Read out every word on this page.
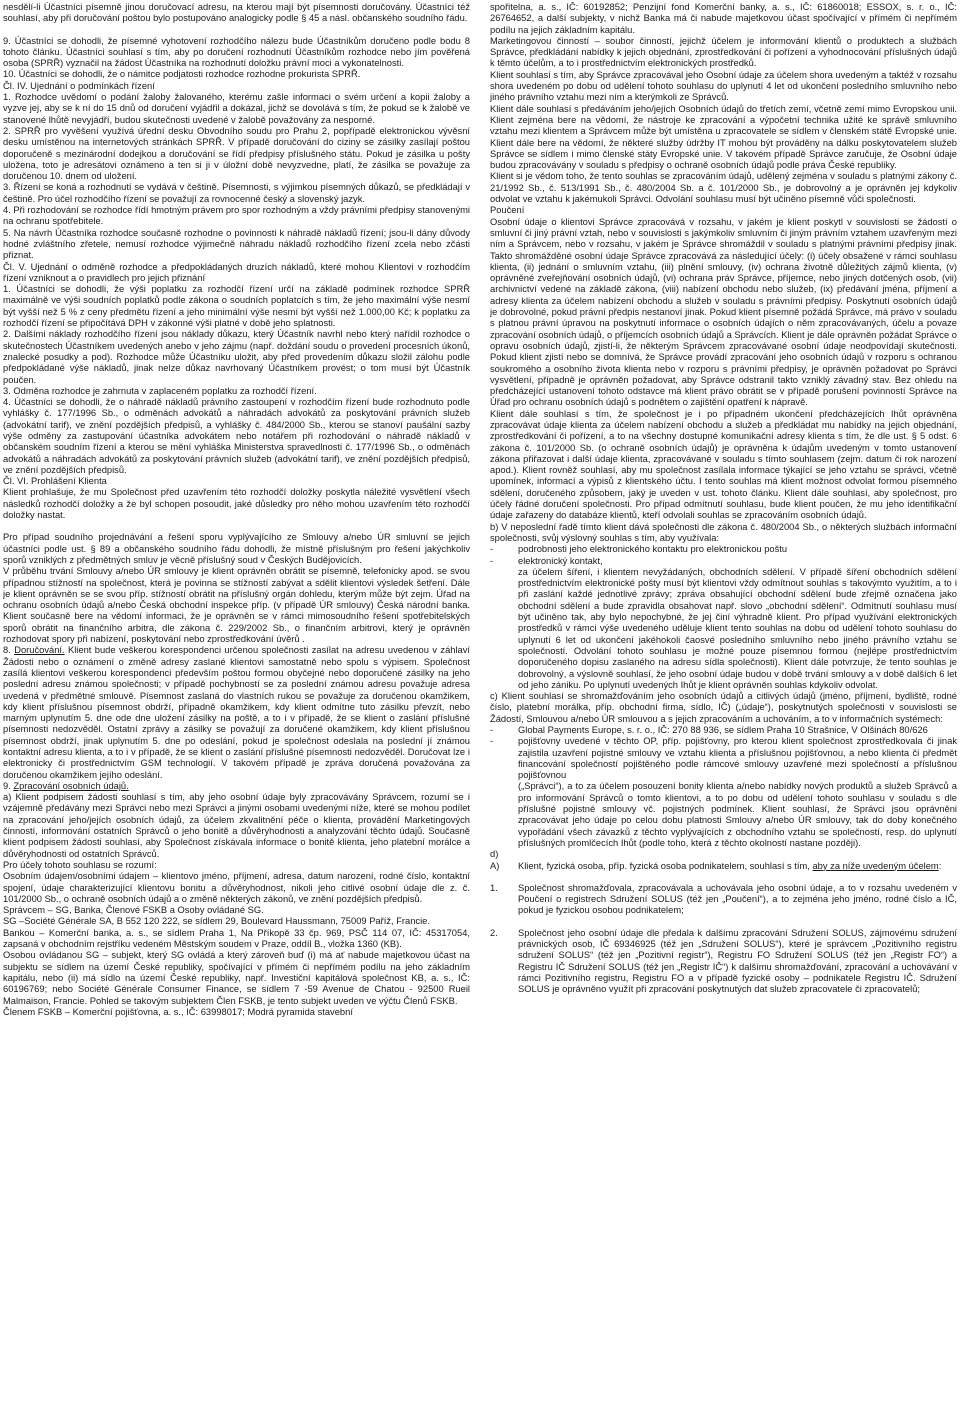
nesdělí-li Účastníci písemně jinou doručovací adresu, na kterou mají být písemnosti doručovány. Účastníci též souhlasí, aby při doručování poštou bylo postupováno analogicky podle § 45 a násl. občanského soudního řádu.

9. Účastníci se dohodli, že písemné vyhotovení rozhodčího nálezu bude Účastníkům doručeno podle bodu 8 tohoto článku. Účastníci souhlasí s tím, aby po doručení rozhodnutí Účastníkům rozhodce nebo jím pověřená osoba (SPRŘ) vyznačil na žádost Účastníka na rozhodnutí doložku právní moci a vykonatelnosti.

10. Účastníci se dohodli, že o námitce podjatosti rozhodce rozhodne prokurista SPRŘ.

Čl. IV. Ujednání o podmínkách řízení

1. Rozhodce uvědomí o podání žaloby žalovaného, kterému zašle informaci o svém určení a kopii žaloby a vyzve jej, aby se k ní do 15 dnů od doručení vyjádřil a dokázal, jichž se dovolává s tím, že pokud se k žalobě ve stanovené lhůtě nevyjádří, budou skutečnosti uvedené v žalobě považovány za nesporné.

2. SPRŘ pro vyvěšení využívá úřední desku Obvodního soudu pro Prahu 2, popřípadě elektronickou vývěsní desku umístěnou na internetových stránkách SPRŘ. V případě doručování do ciziny se zásilky zasílají poštou doporučeně s mezinárodní dodejkou a doručování se řídí předpisy příslušného státu. Pokud je zásilka u pošty uložena, toto je adresátovi oznámeno a ten si ji v úložní době nevyzvedne, platí, že zásilka se považuje za doručenou 10. dnem od uložení.

3. Řízení se koná a rozhodnutí se vydává v češtině. Písemnosti, s výjimkou písemných důkazů, se předkládají v češtině. Pro účel rozhodčího řízení se považují za rovnocenné český a slovenský jazyk.

4. Při rozhodování se rozhodce řídí hmotným právem pro spor rozhodným a vždy právními předpisy stanovenými na ochranu spotřebitele.

5. Na návrh Účastníka rozhodce současně rozhodne o povinnosti k náhradě nákladů řízení; jsou-li dány důvody hodné zvláštního zřetele, nemusí rozhodce výjimečně náhradu nákladů rozhodčího řízení zcela nebo zčásti přiznat.

Čl. V. Ujednání o odměně rozhodce a předpokládaných druzích nákladů, které mohou Klientovi v rozhodčím řízení vzniknout a o pravidlech pro jejich přiznání

1. Účastníci se dohodli, že výši poplatku za rozhodčí řízení určí na základě podmínek rozhodce SPRŘ maximálně ve výši soudních poplatků podle zákona o soudních poplatcích s tím, že jeho maximální výše nesmí být vyšší než 5 % z ceny předmětu řízení a jeho minimální výše nesmí být vyšší než 1.000,00 Kč; k poplatku za rozhodčí řízení se připočítává DPH v zákonné výši platné v době jeho splatnosti.

2. Dalšími náklady rozhodčího řízení jsou náklady důkazu, který Účastník navrhl nebo který nařídil rozhodce o skutečnostech Účastníkem uvedených anebo v jeho zájmu (např. doždání soudu o provedení procesních úkonů, znalecké posudky a pod). Rozhodce může Účastníku uložit, aby před provedením důkazu složil zálohu podle předpokládané výše nákladů, jinak nelze důkaz navrhovaný Účastníkem provést; o tom musí být Účastník poučen.

3. Odměna rozhodce je zahrnuta v zaplaceném poplatku za rozhodčí řízení.

4. Účastníci se dohodli, že o náhradě nákladů právního zastoupení v rozhodčím řízení bude rozhodnuto podle vyhlášky č. 177/1996 Sb., o odměnách advokátů a náhradách advokátů za poskytování právních služeb (advokátní tarif), ve znění pozdějších předpisů, a vyhlášky č. 484/2000 Sb., kterou se stanoví paušální sazby výše odměny za zastupování účastníka advokátem nebo notářem při rozhodování o náhradě nákladů v občanském soudním řízení a kterou se mění vyhláška Ministerstva spravedlnosti č. 177/1996 Sb., o odměnách advokátů a náhradách advokátů za poskytování právních služeb (advokátní tarif), ve znění pozdějších předpisů, ve znění pozdějších předpisů.

Čl. VI. Prohlášení Klienta

Klient prohlašuje, že mu Společnost před uzavřením této rozhodčí doložky poskytla náležité vysvětlení všech následků rozhodčí doložky a že byl schopen posoudit, jaké důsledky pro něho mohou uzavřením této rozhodčí doložky nastat.

Pro případ soudního projednávání a řešení sporu vyplývajícího ze Smlouvy a/nebo ÚR smluvní se jejich účastníci podle ust. § 89 a občanského soudního řádu dohodli, že místně příslušným pro řešení jakýchkoliv sporů vzniklých z předmětných smluv je věcně příslušný soud v Českých Budějovicích.

V průběhu trvání Smlouvy a/nebo ÚR smlouvy je klient oprávněn obrátit se písemně, telefonicky apod. se svou případnou stížností na společnost, která je povinna se stížností zabývat a sdělit klientovi výsledek šetření. Dále je klient oprávněn se se svou příp. stížností obrátit na příslušný orgán dohledu, kterým může být zejm. Úřad na ochranu osobních údajů a/nebo Česká obchodní inspekce příp. (v případě ÚR smlouvy) Česká národní banka. Klient současně bere na vědomí informaci, že je oprávněn se v rámci mimosoudního řešení spotřebitelských sporů obrátit na finančního arbitra, dle zákona č. 229/2002 Sb., o finančním arbitrovi, který je oprávněn rozhodovat spory při nabízení, poskytování nebo zprostředkování úvěrů .

8. Doručování. Klient bude veškerou korespondenci určenou společnosti zasílat na adresu uvedenou v záhlaví Žádosti nebo o oznámení o změně adresy zaslané klientovi samostatně nebo spolu s výpisem. Společnost zasílá klientovi veškerou korespondenci především poštou formou obyčejné nebo doporučené zásilky na jeho poslední adresu známou společnosti; v případě pochybností se za poslední známou adresu považuje adresa uvedená v předmětné smlouvě. Písemnost zaslaná do vlastních rukou se považuje za doručenou okamžikem, kdy klient příslušnou písemnost obdrží, případně okamžikem, kdy klient odmítne tuto zásilku převzít, nebo marným uplynutím 5. dne ode dne uložení zásilky na poště, a to i v případě, že se klient o zaslání příslušné písemnosti nedozvěděl. Ostatní zprávy a zásilky se považují za doručené okamžikem, kdy klient příslušnou písemnost obdrží, jinak uplynutím 5. dne po odeslání, pokud je společnost odeslala na poslední jí známou kontaktní adresu klienta, a to i v případě, že se klient o zaslání příslušné písemnosti nedozvěděl. Doručovat lze i elektronicky či prostřednictvím GSM technologií. V takovém případě je zpráva doručená považována za doručenou okamžikem jejího odeslání.

9. Zpracování osobních údajů.

a) Klient podpisem žádosti souhlasí s tím, aby jeho osobní údaje byly zpracovávány Správcem, rozumí se i vzájemně předávány mezi Správci nebo mezi Správci a jinými osobami uvedenými níže, které se mohou podílet na zpracování jeho/jejích osobních údajů, za účelem zkvalitnění péče o klienta, provádění Marketingových činností, informování ostatních Správců o jeho bonitě a důvěryhodnosti a analyzování těchto údajů. Současně klient podpisem žádosti souhlasí, aby Společnost získávala informace o bonitě klienta, jeho platební morálce a důvěryhodnosti od ostatních Správců.

Pro účely tohoto souhlasu se rozumí:

Osobním údajem/osobními údajem – klientovo jméno, příjmení, adresa, datum narození, rodné číslo, kontaktní spojení, údaje charakterizující klientovu bonitu a důvěryhodnost, nikoli jeho citlivé osobní údaje dle z. č. 101/2000 Sb., o ochraně osobních údajů a o změně některých zákonů, ve znění pozdějších předpisů.

Správcem – SG, Banka, Členové FSKB a Osoby ovládané SG.

SG –Société Générale SA, B 552 120 222, se sídlem 29, Boulevard Haussmann, 75009 Paříž, Francie.

Bankou – Komerční banka, a. s., se sídlem Praha 1, Na Příkopě 33 čp. 969, PSČ 114 07, IČ: 45317054, zapsaná v obchodním rejstříku vedeném Městským soudem v Praze, oddíl B., vložka 1360 (KB).

Osobou ovládanou SG – subjekt, který SG ovládá a který zároveň buď (i) má ať nabude majetkovou účast na subjektu se sídlem na území České republiky, spočívající v přímém či nepřímém podílu na jeho základním kapitálu, nebo (ii) má sídlo na území České republiky, např. Investiční kapitálová společnost KB, a. s., IČ: 60196769; nebo Société Générale Consumer Finance, se sídlem 7 -59 Avenue de Chatou - 92500 Rueil Malmaison, Francie. Pohled se takovým subjektem Člen FSKB, je tento subjekt uveden ve výčtu Členů FSKB.

Členem FSKB – Komerční pojišťovna, a. s., IČ: 63998017; Modrá pyramida stavební

spořitelna, a. s., IČ: 60192852; Penzijní fond Komerční banky, a. s., IČ: 61860018; ESSOX, s. r. o., IČ: 26764652, a další subjekty, v nichž Banka má či nabude majetkovou účast spočívající v přímém či nepřímém podílu na jejich základním kapitálu.

Marketingovou činností – soubor činností, jejichž účelem je informování klientů o produktech a službách Správce, předkládání nabídky k jejich objednání, zprostředkování či pořízení a vyhodnocování příslušných údajů k těmto účelům, a to i prostřednictvím elektronických prostředků.

Klient souhlasí s tím, aby Správce zpracovával jeho Osobní údaje za účelem shora uvedeným a taktéž v rozsahu shora uvedeném po dobu od udělení tohoto souhlasu do uplynutí 4 let od ukončení posledního smluvního nebo jiného právního vztahu mezi ním a kterýmkoli ze Správců.

Klient dále souhlasí s předáváním jeho/jejích Osobních údajů do třetích zemí, včetně zemí mimo Evropskou unii. Klient zejména bere na vědomí, že nástroje ke zpracování a výpočetní technika užité ke správě smluvního vztahu mezi klientem a Správcem může být umístěna u zpracovatele se sídlem v členském státě Evropské unie. Klient dále bere na vědomí, že některé služby údržby IT mohou být prováděny na dálku poskytovatelem služeb Správce se sídlem i mimo členské státy Evropské unie. V takovém případě Správce zaručuje, že Osobní údaje budou zpracovávány v souladu s předpisy o ochraně osobních údajů podle práva České republiky.

Klient si je vědom toho, že tento souhlas se zpracováním údajů, udělený zejména v souladu s platnými zákony č. 21/1992 Sb., č. 513/1991 Sb., č. 480/2004 Sb. a č. 101/2000 Sb., je dobrovolný a je oprávněn jej kdykoliv odvolat ve vztahu k jakémukoli Správci. Odvolání souhlasu musí být učiněno písemně vůči společnosti.

Poučení

Osobní údaje o klientovi Správce zpracovává v rozsahu, v jakém je klient poskytl v souvislosti se žádostí o smluvní či jiný právní vztah, nebo v souvislosti s jakýmkoliv smluvním či jiným právním vztahem uzavřeným mezi ním a Správcem, nebo v rozsahu, v jakém je Správce shromáždil v souladu s platnými právními předpisy jinak. Takto shromážděné osobní údaje Správce zpracovává za následující účely: (i) účely obsažené v rámci souhlasu klienta, (ii) jednání o smluvním vztahu, (iii) plnění smlouvy, (iv) ochrana životně důležitých zájmů klienta, (v) oprávněné zveřejňování osobních údajů, (vi) ochrana práv Správce, příjemce, nebo jiných dotčených osob, (vii) archivnictví vedené na základě zákona, (viii) nabízení obchodu nebo služeb, (ix) předávání jména, příjmení a adresy klienta za účelem nabízení obchodu a služeb v souladu s právními předpisy. Poskytnutí osobních údajů je dobrovolné, pokud právní předpis nestanoví jinak. Pokud klient písemně požádá Správce, má právo v souladu s platnou právní úpravou na poskytnutí informace o osobních údajích o něm zpracovávaných, účelu a povaze zpracování osobních údajů, o příjemcích osobních údajů a Správcích. Klient je dále oprávněn požádat Správce o opravu osobních údajů, zjistí-li, že některým Správcem zpracovávané osobní údaje neodpovídají skutečnosti. Pokud klient zjistí nebo se domnívá, že Správce provádí zpracování jeho osobních údajů v rozporu s ochranou soukromého a osobního života klienta nebo v rozporu s právními předpisy, je oprávněn požadovat po Správci vysvětlení, případně je oprávněn požadovat, aby Správce odstranil takto vzniklý závadný stav. Bez ohledu na předcházející ustanovení tohoto odstavce má klient právo obrátit se v případě porušení povinností Správce na Úřad pro ochranu osobních údajů s podnětem o zajištění opatření k nápravě.

Klient dále souhlasí s tím, že společnost je i po případném ukončení předcházejících Ihůt oprávněna zpracovávat údaje klienta za účelem nabízení obchodu a služeb a předkládat mu nabídky na jejich objednání, zprostředkování či pořízení, a to na všechny dostupné komunikační adresy klienta s tím, že dle ust. § 5 odst. 6 zákona č. 101/2000 Sb. (o ochraně osobních údajů) je oprávněna k údajům uvedeným v tomto ustanovení zákona přiřazovat i další údaje klienta, zpracovávané v souladu s tímto souhlasem (zejm. datum či rok narození apod.). Klient rovněž souhlasí, aby mu společnost zasílala informace týkající se jeho vztahu se správci, včetně upomínek, informací a výpisů z klientského účtu. I tento souhlas má klient možnost odvolat formou písemného sdělení, doručeného způsobem, jaký je uveden v ust. tohoto článku. Klient dále souhlasí, aby společnost, pro účely řádné doručení společnosti. Pro případ odmítnutí souhlasu, bude klient poučen, že mu jeho identifikační údaje zařazeny do databáze klientů, kteří odvolali souhlas se zpracováním osobních údajů.

b) V neposlední řadě tímto klient dává společnosti dle zákona č. 480/2004 Sb., o některých službách informační společnosti, svůj výslovný souhlas s tím, aby využívala:

-	podrobnosti jeho elektronického kontaktu pro elektronickou poštu
-	elektronický kontakt,

za účelem šíření, i klientem nevyžádaných, obchodních sdělení. V případě šíření obchodních sdělení prostřednictvím elektronické pošty musí být klientovi vždy odmítnout souhlas s takovýmto využitím, a to i při zaslání každé jednotlivé zprávy; zpráva obsahující obchodní sdělení bude zřejmě označena jako obchodní sdělení a bude zpravidla obsahovat např. slovo „obchodní sdělení“. Odmítnutí souhlasu musí být učiněno tak, aby bylo nepochybné, že jej činí výhradně klient. Pro případ využívání elektronických prostředků v rámci výše uvedeného uděluje klient tento souhlas na dobu od udělení tohoto souhlasu do uplynutí 6 let od ukončení jakéhokoli čaosvé posledního smluvního nebo jiného právního vztahu se společností. Odvolání tohoto souhlasu je možné pouze písemnou formou (nejlépe prostřednictvím doporučeného dopisu zaslaného na adresu sídla společnosti). Klient dále potvrzuje, že tento souhlas je dobrovolný, a výslovně souhlasí, že jeho osobní údaje budou v době trvání smlouvy a v době dalších 6 let od jeho zániku. Po uplynutí uvedených Ihůt je klient oprávněn souhlas kdykoliv odvolat.

c) Klient souhlasí se shromažďováním jeho osobních údajů a citlivých údajů (jméno, příjmení, bydliště, rodné číslo, platební morálka, příp. obchodní firma, sídlo, IČ) („údaje“), poskytnutých společnosti v souvislosti se Žádostí, Smlouvou a/nebo ÚR smlouvou a s jejich zpracováním a uchováním, a to v informačních systémech:

-	Global Payments Europe, s. r. o., IČ: 270 88 936, se sídlem Praha 10 Strašnice, V Olšinách 80/626
-	pojišťovny uvedené v těchto OP, příp. pojišťovny, pro kterou klient společnost zprostředkovala či jinak zajistila uzavření pojistné smlouvy ve vztahu klienta a příslušnou pojišťovnou, a nebo klienta či předmět financování společností pojištěného podle rámcové smlouvy uzavřené mezi společností a příslušnou pojišťovnou

(„Správci“), a to za účelem posouzení bonity klienta a/nebo nabídky nových produktů a služeb Správců a pro informování Správců o tomto klientovi, a to po dobu od udělení tohoto souhlasu v souladu s dle příslušné pojistné smlouvy vč. pojistných podmínek. Klient souhlasí, že Správci jsou oprávněni zpracovávat jeho údaje po celou dobu platnosti Smlouvy a/nebo ÚR smlouvy, tak do doby konečného vypořádání všech závazků z těchto vyplývajících z obchodního vztahu se společností, resp. do uplynutí příslušných promlčecích Ihůt (podle toho, která z těchto okolností nastane později).

d)
A)	Klient, fyzická osoba, příp. fyzická osoba podnikatelem, souhlasí s tím, aby za níže uvedeným účelem:
1.	Společnost shromažďovala, zpracovávala a uchovávala jeho osobní údaje, a to v rozsahu uvedeném v Poučení o registrech Sdružení SOLUS (též jen „Poučení“), a to zejména jeho jméno, rodné číslo a IČ, pokud je fyzickou osobou podnikatelem;
2.	Společnost jeho osobní údaje dle předala k dalšímu zpracování Sdružení SOLUS, zájmovému sdružení právnických osob, IČ 69346925 (též jen „Sdružení SOLUS“), které je správcem „Pozitivního registru sdružení SOLUS“ (též jen „Pozitivní registr“), Registru FO Sdružení SOLUS (též jen „Registr FO“) a Registru IČ Sdružení SOLUS (též jen „Registr IČ“) k dalšímu shromažďování, zpracování a uchovávání v rámci Pozitivního registru, Registru FO a v případě fyzické osoby – podnikatele Registru IČ. Sdružení SOLUS je oprávněno využít při zpracování poskytnutých dat služeb zpracovatele či zpracovatelů;
